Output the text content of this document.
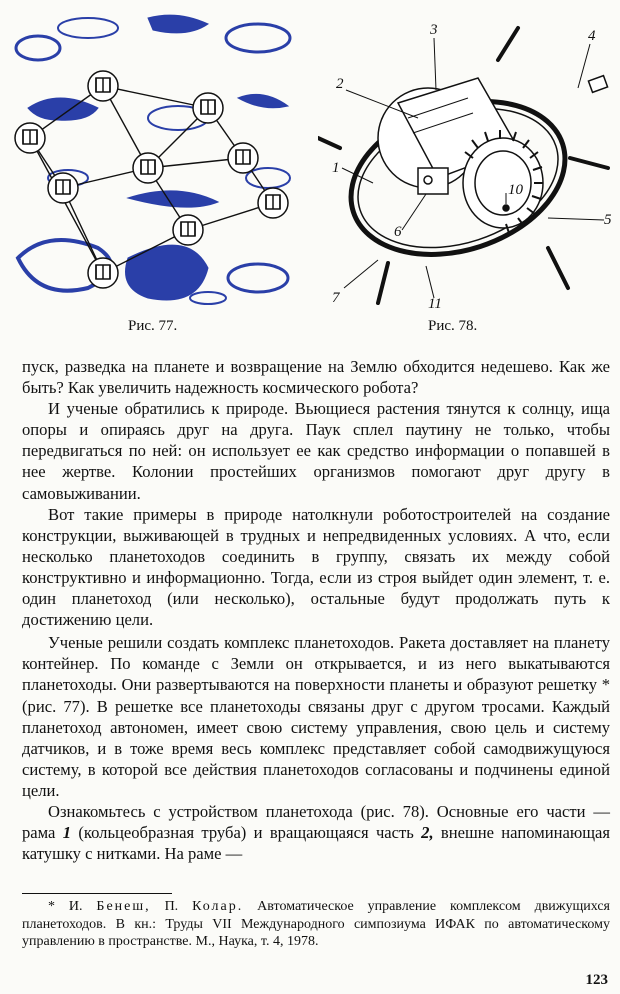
Рис. 77.
3
2
4
1
5
6
7
10
11
Рис. 78.

пуск, разведка на планете и возвращение на Землю обходится недешево. Как же быть? Как увеличить надежность космического робота?

И ученые обратились к природе. Вьющиеся растения тянутся к солнцу, ища опоры и опираясь друг на друга. Паук сплел паутину не только, чтобы передвигаться по ней: он использует ее как средство информации о попавшей в нее жертве. Колонии простейших организмов помогают друг другу в самовыживании.

Вот такие примеры в природе натолкнули роботостроителей на создание конструкции, выживающей в трудных и непредвиденных условиях. А что, если несколько планетоходов соединить в группу, связать их между собой конструктивно и информационно. Тогда, если из строя выйдет один элемент, т. е. один планетоход (или несколько), остальные будут продолжать путь к достижению цели.

Ученые решили создать комплекс планетоходов. Ракета доставляет на планету контейнер. По команде с Земли он открывается, и из него выкатываются планетоходы. Они развертываются на поверхности планеты и образуют решетку * (рис. 77). В решетке все планетоходы связаны друг с другом тросами. Каждый планетоход автономен, имеет свою систему управления, свою цель и систему датчиков, и в тоже время весь комплекс представляет собой самодвижущуюся систему, в которой все действия планетоходов согласованы и подчинены единой цели.

Ознакомьтесь с устройством планетохода (рис. 78). Основные его части — рама 1 (кольцеобразная труба) и вращающаяся часть 2, внешне напоминающая катушку с нитками. На раме —

* И. Бенеш, П. Колар. Автоматическое управление комплексом движущихся планетоходов. В кн.: Труды VII Международного симпозиума ИФАК по автоматическому управлению в пространстве. М., Наука, т. 4, 1978.
123
